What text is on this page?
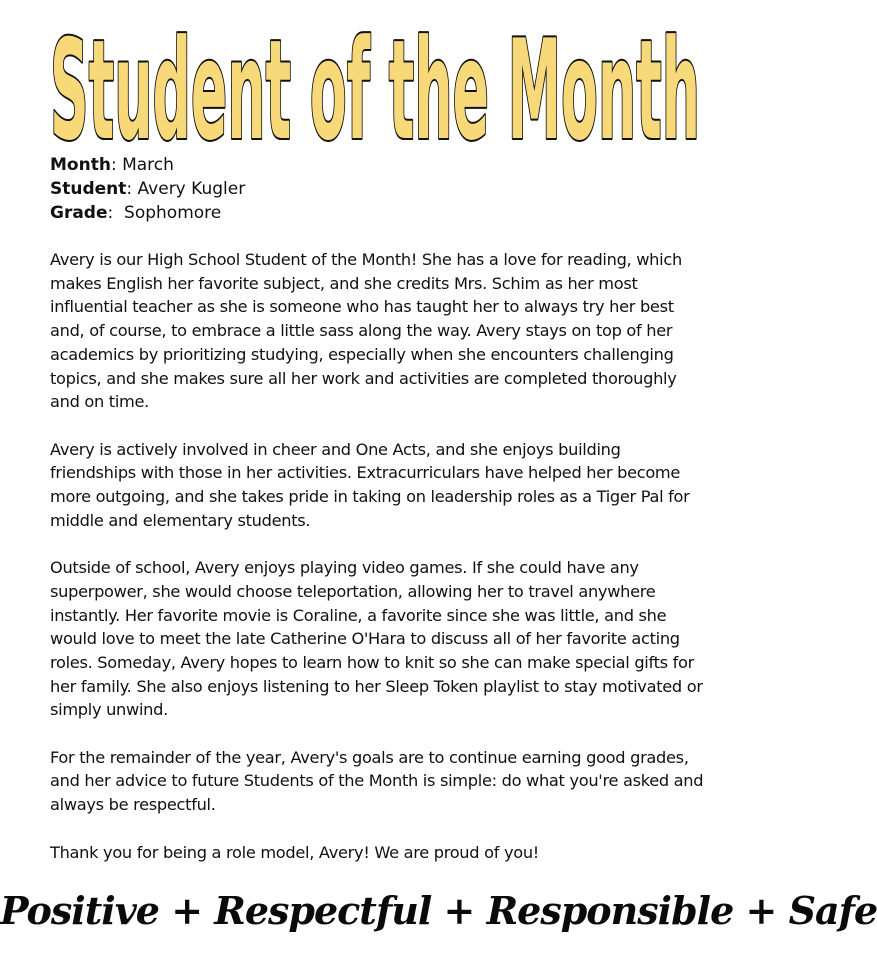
Student of the Month
Month: March
Student: Avery Kugler
Grade:  Sophomore

Avery is our High School Student of the Month! She has a love for reading, which makes English her favorite subject, and she credits Mrs. Schim as her most influential teacher as she is someone who has taught her to always try her best and, of course, to embrace a little sass along the way. Avery stays on top of her academics by prioritizing studying, especially when she encounters challenging topics, and she makes sure all her work and activities are completed thoroughly and on time.

Avery is actively involved in cheer and One Acts, and she enjoys building friendships with those in her activities. Extracurriculars have helped her become more outgoing, and she takes pride in taking on leadership roles as a Tiger Pal for middle and elementary students.

Outside of school, Avery enjoys playing video games. If she could have any superpower, she would choose teleportation, allowing her to travel anywhere instantly. Her favorite movie is Coraline, a favorite since she was little, and she would love to meet the late Catherine O'Hara to discuss all of her favorite acting roles. Someday, Avery hopes to learn how to knit so she can make special gifts for her family. She also enjoys listening to her Sleep Token playlist to stay motivated or simply unwind.

For the remainder of the year, Avery's goals are to continue earning good grades, and her advice to future Students of the Month is simple: do what you're asked and always be respectful.

Thank you for being a role model, Avery! We are proud of you!

Positive + Respectful + Responsible + Safe
